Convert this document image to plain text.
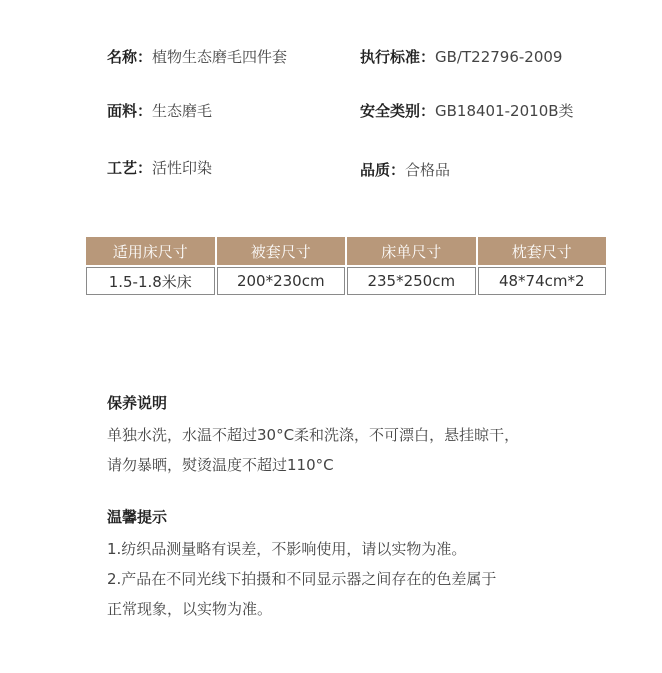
名称：植物生态磨毛四件套	执行标准：GB/T22796-2009
面料：生态磨毛	安全类别：GB18401-2010B类
工艺：活性印染	品质：合格品
适用床尺寸	被套尺寸	床单尺寸	枕套尺寸
1.5-1.8米床	200*230cm	235*250cm	48*74cm*2
保养说明
单独水洗，水温不超过30°C柔和洗涤，不可漂白，悬挂晾干，
请勿暴晒，熨烫温度不超过110°C
温馨提示
1.纺织品测量略有误差，不影响使用，请以实物为准。
2.产品在不同光线下拍摄和不同显示器之间存在的色差属于
正常现象，以实物为准。
